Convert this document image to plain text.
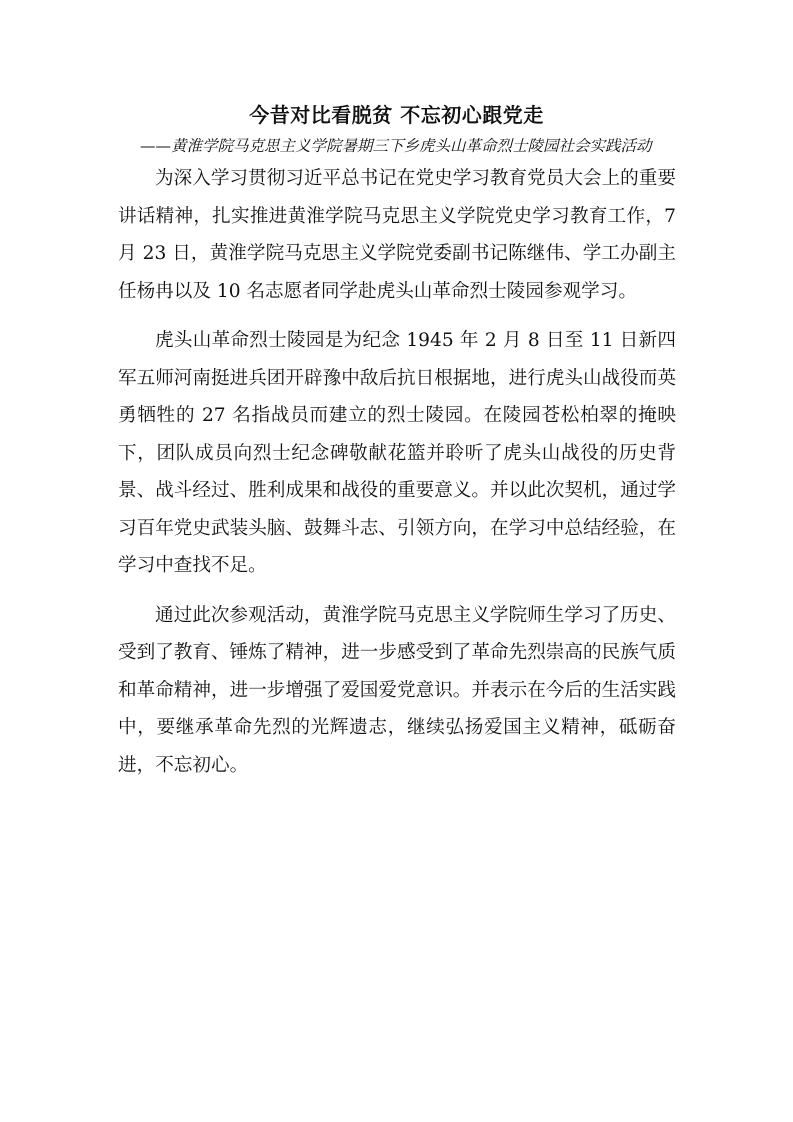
今昔对比看脱贫 不忘初心跟党走
——黄淮学院马克思主义学院暑期三下乡虎头山革命烈士陵园社会实践活动

为深入学习贯彻习近平总书记在党史学习教育党员大会上的重要讲话精神，扎实推进黄淮学院马克思主义学院党史学习教育工作，7 月 23 日，黄淮学院马克思主义学院党委副书记陈继伟、学工办副主任杨冉以及 10 名志愿者同学赴虎头山革命烈士陵园参观学习。

虎头山革命烈士陵园是为纪念 1945 年 2 月 8 日至 11 日新四军五师河南挺进兵团开辟豫中敌后抗日根据地，进行虎头山战役而英勇牺牲的 27 名指战员而建立的烈士陵园。在陵园苍松柏翠的掩映下，团队成员向烈士纪念碑敬献花篮并聆听了虎头山战役的历史背景、战斗经过、胜利成果和战役的重要意义。并以此次契机，通过学习百年党史武装头脑、鼓舞斗志、引领方向，在学习中总结经验，在学习中查找不足。

通过此次参观活动，黄淮学院马克思主义学院师生学习了历史、受到了教育、锤炼了精神，进一步感受到了革命先烈崇高的民族气质和革命精神，进一步增强了爱国爱党意识。并表示在今后的生活实践中，要继承革命先烈的光辉遗志，继续弘扬爱国主义精神，砥砺奋进，不忘初心。
